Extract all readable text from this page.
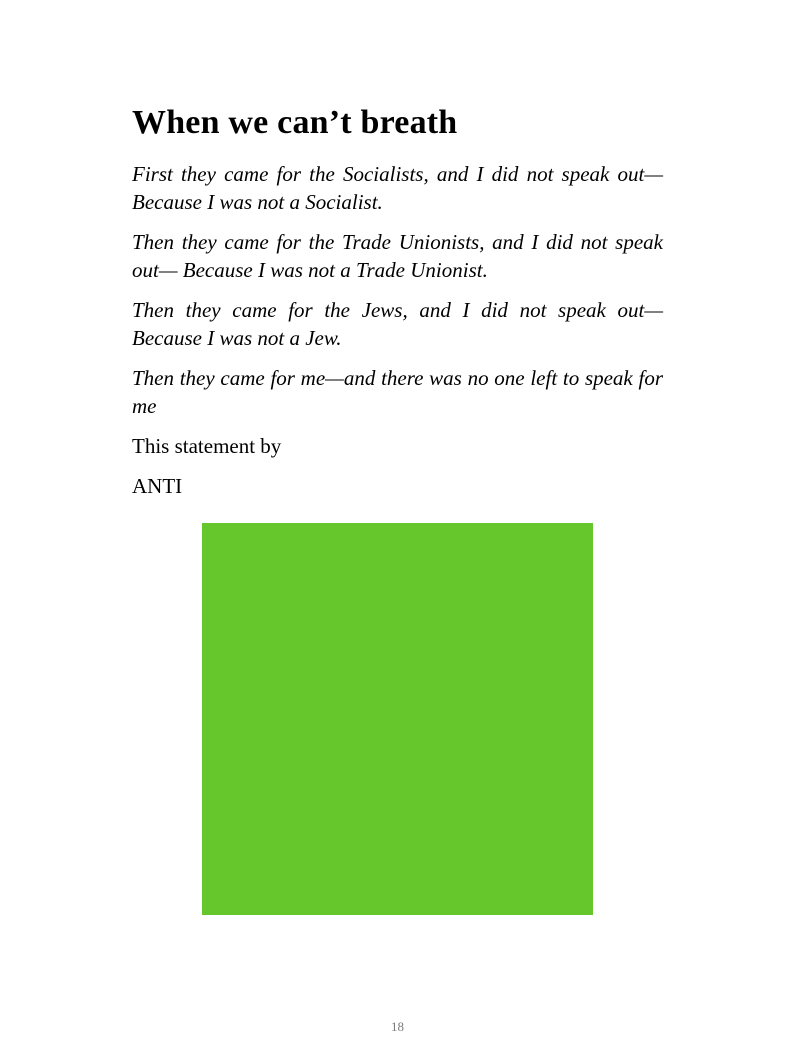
When we can’t breath

First they came for the Socialists, and I did not speak out— Because I was not a Socialist.

Then they came for the Trade Unionists, and I did not speak out— Because I was not a Trade Unionist.

Then they came for the Jews, and I did not speak out— Because I was not a Jew.

Then they came for me—and there was no one left to speak for me

This statement by

ANTI

18
